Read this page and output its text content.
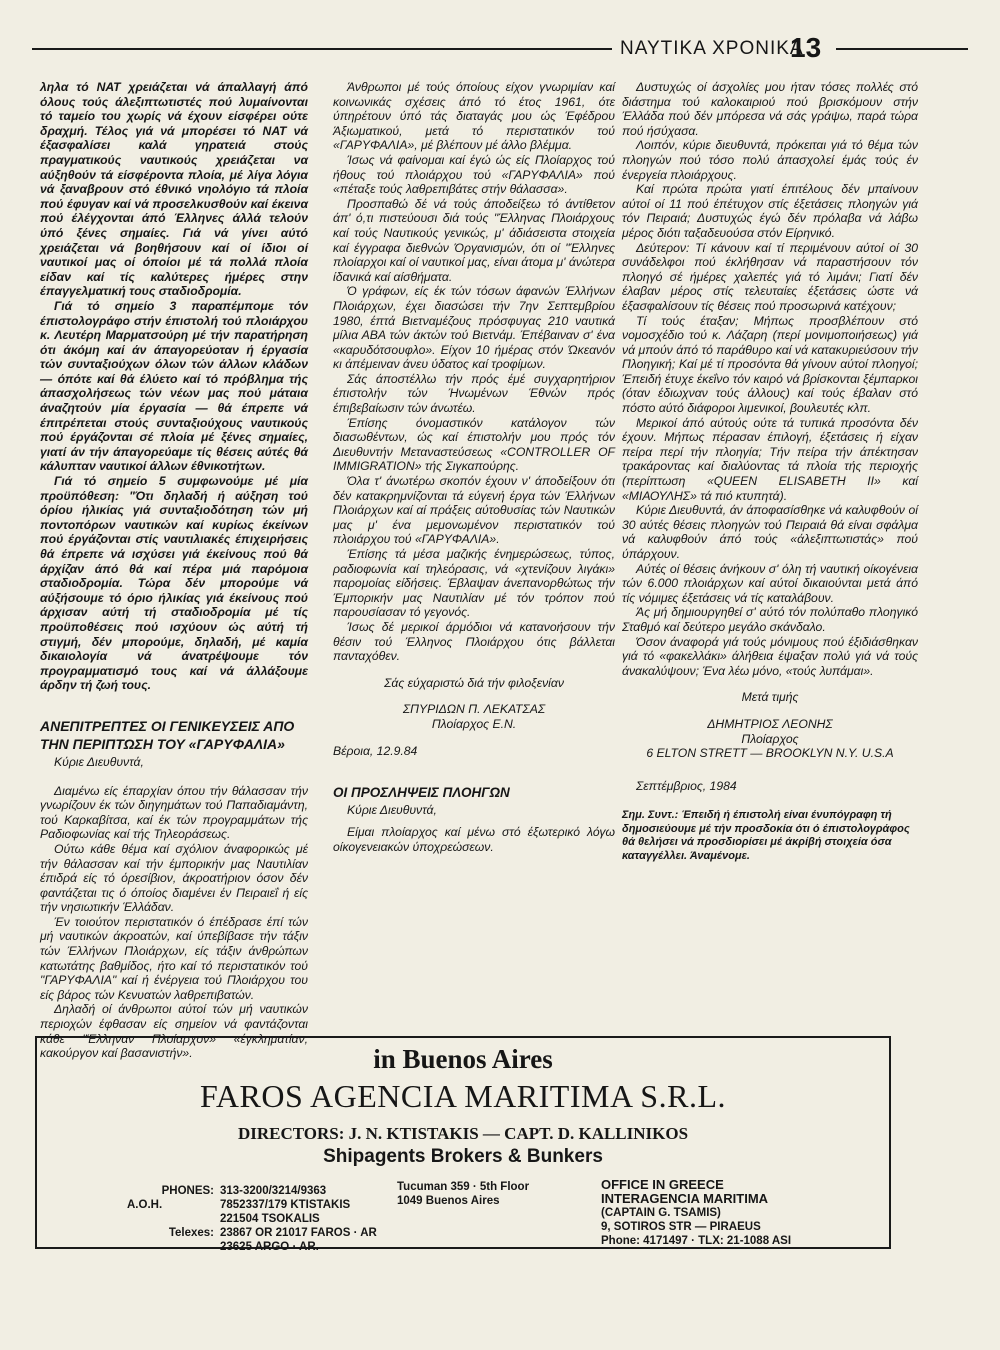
ΝΑΥΤΙΚΑ ΧΡΟΝΙΚΑ
13

ληλα τό ΝΑΤ χρειάζεται νά άπαλλαγή άπό όλους τούς άλεξιπτωτιστές πού λυμαίνονται τό ταμείο του χωρίς νά έχουν είσφέρει ούτε δραχμή. Τέλος γιά νά μπορέσει τό ΝΑΤ νά έξασφαλίσει καλά γηρατειά στούς πραγματικούς ναυτικούς χρειάζεται να αύξηθούν τά είσφέροντα πλοία, μέ λίγα λόγια νά ξαναβρουν στό έθνικό νηολόγιο τά πλοία πού έφυγαν καί νά προσελκυσθούν καί έκεινα πού έλέγχονται άπό Έλληνες άλλά τελούν ύπό ξένες σημαίες. Γιά νά γίνει αύτό χρειάζεται νά βοηθήσουν καί οί ίδιοι οί ναυτικοί μας οί όποίοι μέ τά πολλά πλοία είδαν καί τίς καλύτερες ήμέρες στην έπαγγελματική τους σταδιοδρομία.

Γιά τό σημείο 3 παραπέμπομε τόν έπιστολογράφο στήν έπιστολή τού πλοιάρχου κ. Λευτέρη Μαρματσούρη μέ τήν παρατήρηση ότι άκόμη καί άν άπαγορεύοταν ή έργασία τών συνταξιούχων όλων τών άλλων κλάδων — όπότε καί θά έλύετο καί τό πρόβλημα τής άπασχολήσεως τών νέων μας πού μάταια άναζητούν μία έργασία — θά έπρεπε νά έπιτρέπεται στούς συνταξιούχους ναυτικούς πού έργάζονται σέ πλοία μέ ξένες σημαίες, γιατί άν τήν άπαγορεύαμε τίς θέσεις αύτές θά κάλυπταν ναυτικοί άλλων έθνικοτήτων.

Γιά τό σημείο 5 συμφωνούμε μέ μία προϋπόθεση: "Ότι δηλαδή ή αύξηση τού όρίου ήλικίας γιά συνταξιοδότηση τών μή ποντοπόρων ναυτικών καί κυρίως έκείνων πού έργάζονται στίς ναυτιλιακές έπιχειρήσεις θά έπρεπε νά ισχύσει γιά έκείνους πού θά άρχίζαν άπό θά καί πέρα μιά παρόμοια σταδιοδρομία. Τώρα δέν μπορούμε νά αύξήσουμε τό όριο ήλικίας γιά έκείνους πού άρχισαν αύτή τή σταδιοδρομία μέ τίς προϋποθέσεις πού ισχύουν ώς αύτή τή στιγμή, δέν μπορούμε, δηλαδή, μέ καμία δικαιολογία νά άνατρέψουμε τόν προγραμματισμό τους καί νά άλλάξουμε άρδην τή ζωή τους.

ΑΝΕΠΙΤΡΕΠΤΕΣ ΟΙ ΓΕΝΙΚΕΥΣΕΙΣ ΑΠΟ ΤΗΝ ΠΕΡΙΠΤΩΣΗ ΤΟΥ «ΓΑΡΥΦΑΛΙΑ»
Κύριε Διευθυντά,

Διαμένω είς έπαρχίαν όπου τήν θάλασσαν τήν γνωρίζουν έκ τών διηγημάτων τού Παπαδιαμάντη, τού Καρκαβίτσα, καί έκ τών προγραμμάτων τής Ραδιοφωνίας καί τής Τηλεοράσεως.

Ούτω κάθε θέμα καί σχόλιον άναφορικώς μέ τήν θάλασσαν καί τήν έμπορικήν μας Ναυτιλίαν έπιδρά είς τό όρεσίβιον, άκροατήριον όσον δέν φαντάζεται τις ό όποίος διαμένει έν Πειραιεΐ ή είς τήν νησιωτικήν Έλλάδαν.

Έν τοιούτον περιστατικόν ό έπέδρασε έπί τών μή ναυτικών άκροατών, καί ύπεβίβασε τήν τάξιν τών Έλλήνων Πλοιάρχων, είς τάξιν άνθρώπων κατωτάτης βαθμίδος, ήτο καί τό περιστατικόν τού "ΓΑΡΥΦΑΛΙΑ" καί ή ένέργεια τού Πλοιάρχου του είς βάρος τών Κενυατών λαθρεπιβατών.

Δηλαδή οί άνθρωποι αύτοί τών μή ναυτικών περιοχών έφθασαν είς σημείον νά φαντάζονται κάθε "Έλληναν Πλοίαρχον» «έγκληματίαν, κακούργον καί βασανιστήν».

Άνθρωποι μέ τούς όποίους είχον γνωριμίαν καί κοινωνικάς σχέσεις άπό τό έτος 1961, ότε ύπηρέτουν ύπό τάς διαταγάς μου ώς Έφέδρου Άξιωματικού, μετά τό περιστατικόν τού «ΓΑΡΥΦΑΛΙΑ», μέ βλέπουν μέ άλλο βλέμμα.

Ίσως νά φαίνομαι καί έγώ ώς είς Πλοίαρχος τού ήθους τού πλοιάρχου τού «ΓΑΡΥΦΑΛΙΑ» πού «πέταξε τούς λαθρεπιβάτες στήν θάλασσα».

Προσπαθώ δέ νά τούς άποδείξεω τό άντίθετον άπ' ό,τι πιστεύουσι διά τούς "Έλληνας Πλοιάρχους καί τούς Ναυτικούς γενικώς, μ' άδιάσειστα στοιχεία καί έγγραφα διεθνών Όργανισμών, ότι οί "Έλληνες πλοίαρχοι καί οί ναυτικοί μας, είναι άτομα μ' άνώτερα ίδανικά καί αίσθήματα.

Ό γράφων, είς έκ τών τόσων άφανών Έλλήνων Πλοιάρχων, έχει διασώσει τήν 7ην Σεπτεμβρίου 1980, έπτά Βιετναμέζους πρόσφυγας 210 ναυτικά μίλια ΑΒΑ τών άκτών τού Βιετνάμ. Έπέβαιναν σ' ένα «καρυδότσουφλο». Είχον 10 ήμέρας στόν Ώκεανόν κι άπέμειναν άνευ ύδατος καί τροφίμων.

Σάς άποστέλλω τήν πρός έμέ συγχαρητήριον έπιστολήν τών Ήνωμένων Έθνών πρός έπιβεβαίωσιν τών άνωτέω.

Έπίσης όνομαστικόν κατάλογον τών διασωθέντων, ώς καί έπιστολήν μου πρός τόν Διευθυντήν Μεταναστεύσεως «CONTROLLER OF IMMIGRATION» τής Σιγκαπούρης.

Όλα τ' άνωτέρω σκοπόν έχουν ν' άποδείξουν ότι δέν κατακρημνίζονται τά εύγενή έργα τών Έλλήνων Πλοιάρχων καί αί πράξεις αύτοθυσίας τών Ναυτικών μας μ' ένα μεμονωμένον περιστατικόν τού πλοιάρχου τού «ΓΑΡΥΦΑΛΙΑ».

Έπίσης τά μέσα μαζικής ένημερώσεως, τύπος, ραδιοφωνία καί τηλεόρασις, νά «χτενίζουν λιγάκι» παρομοίας είδήσεις. Έβλαψαν άνεπανορθώτως τήν Έμπορικήν μας Ναυτιλίαν μέ τόν τρόπον πού παρουσίασαν τό γεγονός.

Ίσως δέ μερικοί άρμόδιοι νά κατανοήσουν τήν θέσιν τού Έλληνος Πλοιάρχου ότις βάλλεται πανταχόθεν.

Σάς εύχαριστώ διά τήν φιλοξενίαν
ΣΠΥΡΙΔΩΝ Π. ΛΕΚΑΤΣΑΣ
Πλοίαρχος Ε.Ν.
Βέροια, 12.9.84
ΟΙ ΠΡΟΣΛΗΨΕΙΣ ΠΛΟΗΓΩΝ
Κύριε Διευθυντά,

Είμαι πλοίαρχος καί μένω στό έξωτερικό λόγω οίκογενειακών ύποχρεώσεων.

Δυστυχώς οί άσχολίες μου ήταν τόσες πολλές στό διάστημα τού καλοκαιριού πού βρισκόμουν στήν Έλλάδα πού δέν μπόρεσα νά σάς γράψω, παρά τώρα πού ήσύχασα.

Λοιπόν, κύριε διευθυντά, πρόκειται γιά τό θέμα τών πλοηγών πού τόσο πολύ άπασχολεί έμάς τούς έν ένεργεία πλοιάρχους.

Καί πρώτα πρώτα γιατί έπιτέλους δέν μπαίνουν αύτοί οί 11 πού έπέτυχον στίς έξετάσεις πλοηγών γιά τόν Πειραιά; Δυστυχώς έγώ δέν πρόλαβα νά λάβω μέρος διότι ταξαδευούσα στόν Είρηνικό.

Δεύτερον: Τί κάνουν καί τί περιμένουν αύτοί οί 30 συνάδελφοι πού έκλήθησαν νά παραστήσουν τόν πλοηγό σέ ήμέρες χαλεπές γιά τό λιμάνι; Γιατί δέν έλαβαν μέρος στίς τελευταίες έξετάσεις ώστε νά έξασφαλίσουν τίς θέσεις πού προσωρινά κατέχουν;

Τί τούς έταξαν; Μήπως προσβλέπουν στό νομοσχέδιο τού κ. Λάζαρη (περί μονιμοποιήσεως) γιά νά μπούν άπό τό παράθυρο καί νά κατακυριεύσουν τήν Πλοηγική; Καί μέ τί προσόντα θά γίνουν αύτοί πλοηγοί; Έπειδή έτυχε έκεΐνο τόν καιρό νά βρίσκονται ξέμπαρκοι (όταν έδιωχναν τούς άλλους) καί τούς έβαλαν στό πόστο αύτό διάφοροι λιμενικοί, βουλευτές κλπ.

Μερικοί άπό αύτούς ούτε τά τυπικά προσόντα δέν έχουν. Μήπως πέρασαν έπιλογή, έξετάσεις ή είχαν πείρα περί τήν πλοηγία; Τήν πείρα τήν άπέκτησαν τρακάροντας καί διαλύοντας τά πλοία τής περιοχής (περίπτωση «QUEEN ELISABETH II» καί «ΜΙΑΟΥΛΗΣ» τά πιό κτυπητά).

Κύριε Διευθυντά, άν άποφασίσθηκε νά καλυφθούν οί 30 αύτές θέσεις πλοηγών τού Πειραιά θά είναι σφάλμα νά καλυφθούν άπό τούς «άλεξιπτωτιστάς» πού ύπάρχουν.

Αύτές οί θέσεις άνήκουν σ' όλη τή ναυτική οίκογένεια τών 6.000 πλοιάρχων καί αύτοί δικαιούνται μετά άπό τίς νόμιμες έξετάσεις νά τίς καταλάβουν.

Άς μή δημιουργηθεί σ' αύτό τόν πολύπαθο πλοηγικό Σταθμό καί δεύτερο μεγάλο σκάνδαλο.

Όσον άναφορά γιά τούς μόνιμους πού έξιδιάσθηκαν γιά τό «φακελλάκι» άλήθεια έψαξαν πολύ γιά νά τούς άνακαλύψουν; Ένα λέω μόνο, «τούς λυπάμαι».

Μετά τιμής
ΔΗΜΗΤΡΙΟΣ ΛΕΟΝΗΣ
Πλοίαρχος
6 ELTON STRETT — BROOKLYN N.Y. U.S.A
Σεπτέμβριος, 1984
Σημ. Συντ.: Έπειδή ή έπιστολή είναι ένυπόγραφη τή δημοσιεύουμε μέ τήν προσδοκία ότι ό έπιστολογράφος θά θελήσει νά προσδιορίσει μέ άκρίβή στοιχεία όσα καταγγέλλει. Άναμένομε.
in Buenos Aires
FAROS AGENCIA MARITIMA S.R.L.
DIRECTORS: J. N. KTISTAKIS — CAPT. D. KALLINIKOS
Shipagents Brokers & Bunkers
PHONES: 313-3200/3214/9363
A.O.H.	7852337/179 KTISTAKIS
221504 TSOKALIS
Telexes: 23867 OR 21017 FAROS · AR
23625 ARGO · AR.
Tucuman 359 · 5th Floor
1049 Buenos Aires
OFFICE IN GREECE
INTERAGENCIA MARITIMA
(CAPTAIN G. TSAMIS)
9, SOTIROS STR — PIRAEUS
Phone: 4171497 · TLX: 21-1088 ASI
